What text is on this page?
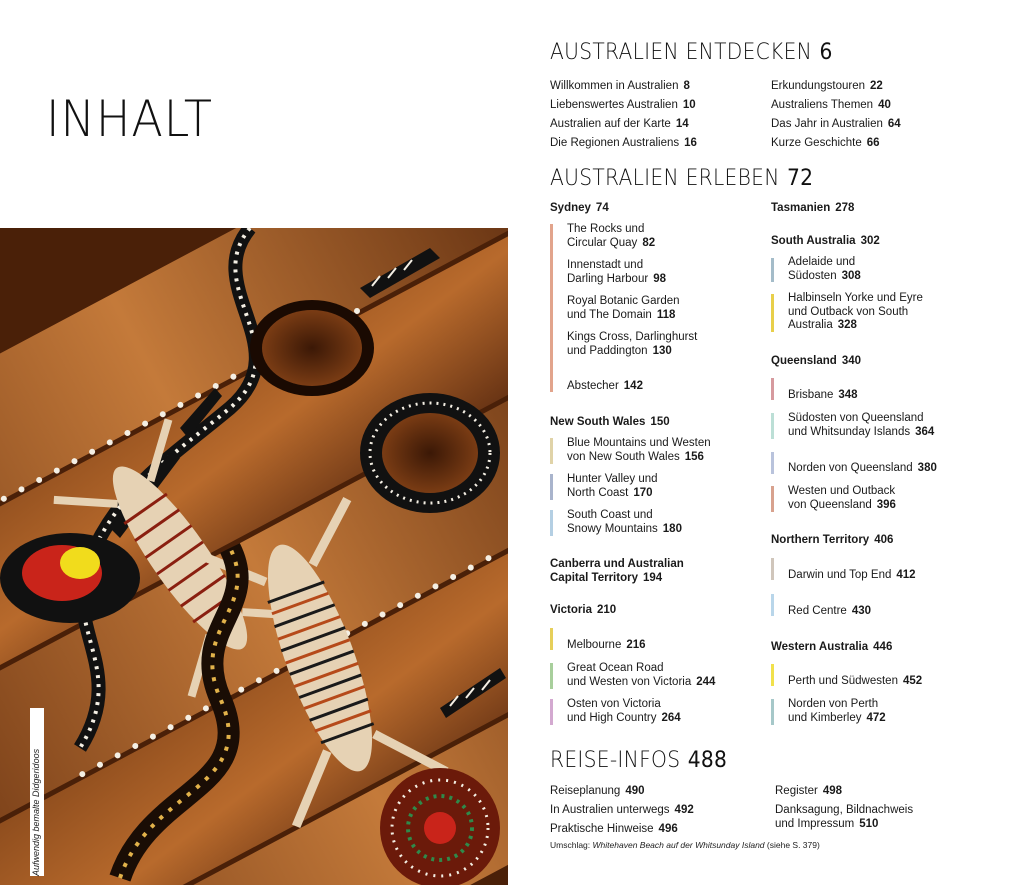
INHALT
Aufwendig bemalte Didgeridoos
AUSTRALIEN ENTDECKEN 6
Willkommen in Australien 8
Liebenswertes Australien 10
Australien auf der Karte 14
Die Regionen Australiens 16
Erkundungstouren 22
Australiens Themen 40
Das Jahr in Australien 64
Kurze Geschichte 66
AUSTRALIEN ERLEBEN 72
Sydney 74
The Rocks und
Circular Quay 82
Innenstadt und
Darling Harbour 98
Royal Botanic Garden
und The Domain 118
Kings Cross, Darlinghurst
und Paddington 130
Abstecher 142
New South Wales 150
Blue Mountains und Westen
von New South Wales 156
Hunter Valley und
North Coast 170
South Coast und
Snowy Mountains 180
Canberra und Australian
Capital Territory 194
Victoria 210
Melbourne 216
Great Ocean Road
und Westen von Victoria 244
Osten von Victoria
und High Country 264
Tasmanien 278
South Australia 302
Adelaide und
Südosten 308
Halbinseln Yorke und Eyre
und Outback von South
Australia 328
Queensland 340
Brisbane 348
Südosten von Queensland
und Whitsunday Islands 364
Norden von Queensland 380
Westen und Outback
von Queensland 396
Northern Territory 406
Darwin und Top End 412
Red Centre 430
Western Australia 446
Perth und Südwesten 452
Norden von Perth
und Kimberley 472
REISE-INFOS 488
Reiseplanung 490
In Australien unterwegs 492
Praktische Hinweise 496
Register 498
Danksagung, Bildnachweis
und Impressum 510
Umschlag: Whitehaven Beach auf der Whitsunday Island (siehe S. 379)
